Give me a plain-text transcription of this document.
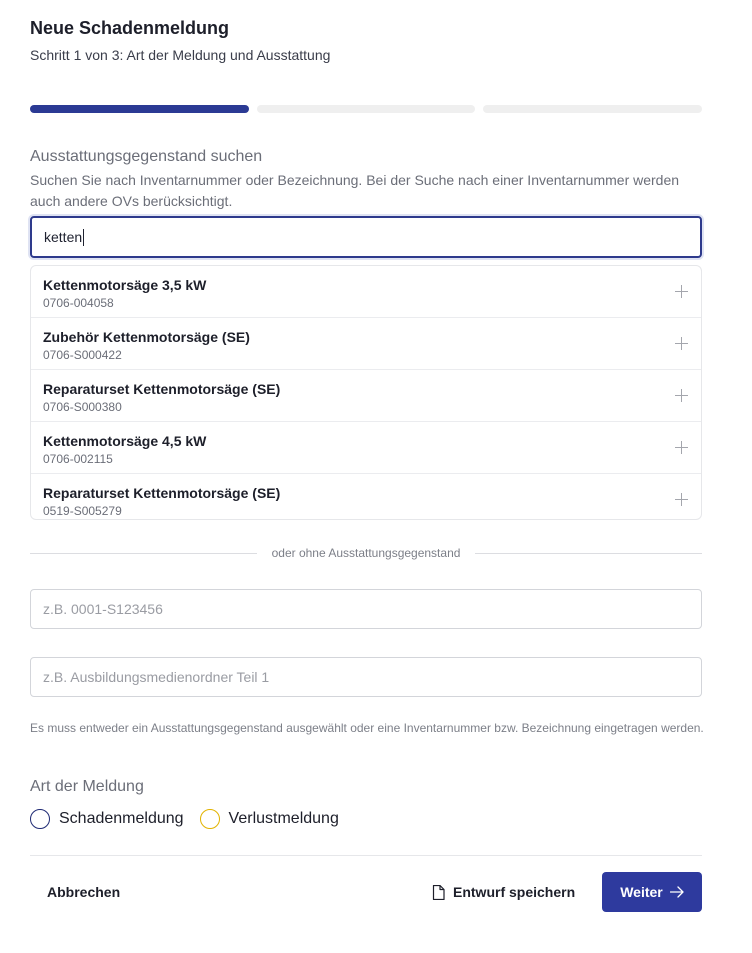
Neue Schadenmeldung
Schritt 1 von 3: Art der Meldung und Ausstattung
Ausstattungsgegenstand suchen
Suchen Sie nach Inventarnummer oder Bezeichnung. Bei der Suche nach einer Inventarnummer werden auch andere OVs berücksichtigt.
ketten
Kettenmotorsäge 3,5 kW
0706-004058
Zubehör Kettenmotorsäge (SE)
0706-S000422
Reparaturset Kettenmotorsäge (SE)
0706-S000380
Kettenmotorsäge 4,5 kW
0706-002115
Reparaturset Kettenmotorsäge (SE)
0519-S005279
oder ohne Ausstattungsgegenstand
z.B. 0001-S123456
z.B. Ausbildungsmedienordner Teil 1
Es muss entweder ein Ausstattungsgegenstand ausgewählt oder eine Inventarnummer bzw. Bezeichnung eingetragen werden.
Art der Meldung
Schadenmeldung	Verlustmeldung
Abbrechen	Entwurf speichern	Weiter
